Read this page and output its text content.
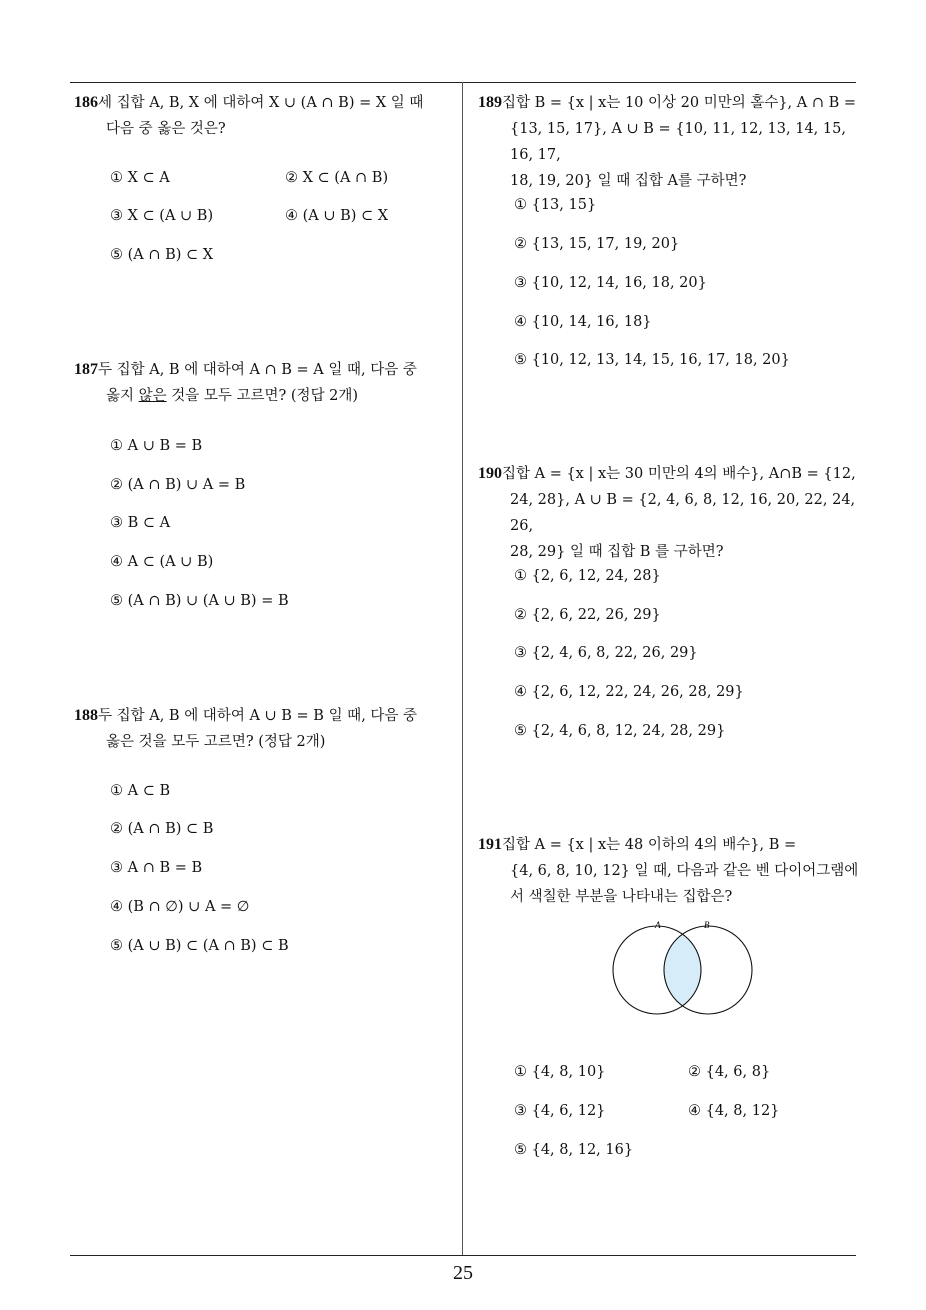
186세 집합 A, B, X 에 대하여 X ∪ (A ∩ B) = X 일 때
다음 중 옳은 것은?
① X ⊂ A	② X ⊂ (A ∩ B)
③ X ⊂ (A ∪ B)	④ (A ∪ B) ⊂ X
⑤ (A ∩ B) ⊂ X
187두 집합 A, B 에 대하여 A ∩ B = A 일 때, 다음 중
옳지 않은 것을 모두 고르면? (정답 2개)
① A ∪ B = B
② (A ∩ B) ∪ A = B
③ B ⊂ A
④ A ⊂ (A ∪ B)
⑤ (A ∩ B) ∪ (A ∪ B) = B
188두 집합 A, B 에 대하여 A ∪ B = B 일 때, 다음 중
옳은 것을 모두 고르면? (정답 2개)
① A ⊂ B
② (A ∩ B) ⊂ B
③ A ∩ B = B
④ (B ∩ ∅) ∪ A = ∅
⑤ (A ∪ B) ⊂ (A ∩ B) ⊂ B
189집합 B = {x | x는 10 이상 20 미만의 홀수}, A ∩ B =
{13, 15, 17}, A ∪ B = {10, 11, 12, 13, 14, 15, 16, 17,
18, 19, 20} 일 때 집합 A를 구하면?
① {13, 15}
② {13, 15, 17, 19, 20}
③ {10, 12, 14, 16, 18, 20}
④ {10, 14, 16, 18}
⑤ {10, 12, 13, 14, 15, 16, 17, 18, 20}
190집합 A = {x | x는 30 미만의 4의 배수}, A∩B = {12,
24, 28}, A ∪ B = {2, 4, 6, 8, 12, 16, 20, 22, 24, 26,
28, 29} 일 때 집합 B 를 구하면?
① {2, 6, 12, 24, 28}
② {2, 6, 22, 26, 29}
③ {2, 4, 6, 8, 22, 26, 29}
④ {2, 6, 12, 22, 24, 26, 28, 29}
⑤ {2, 4, 6, 8, 12, 24, 28, 29}
191집합 A = {x | x는 48 이하의 4의 배수}, B =
{4, 6, 8, 10, 12} 일 때, 다음과 같은 벤 다이어그램에
서 색칠한 부분을 나타내는 집합은?
A	B
① {4, 8, 10}	② {4, 6, 8}
③ {4, 6, 12}	④ {4, 8, 12}
⑤ {4, 8, 12, 16}
25
